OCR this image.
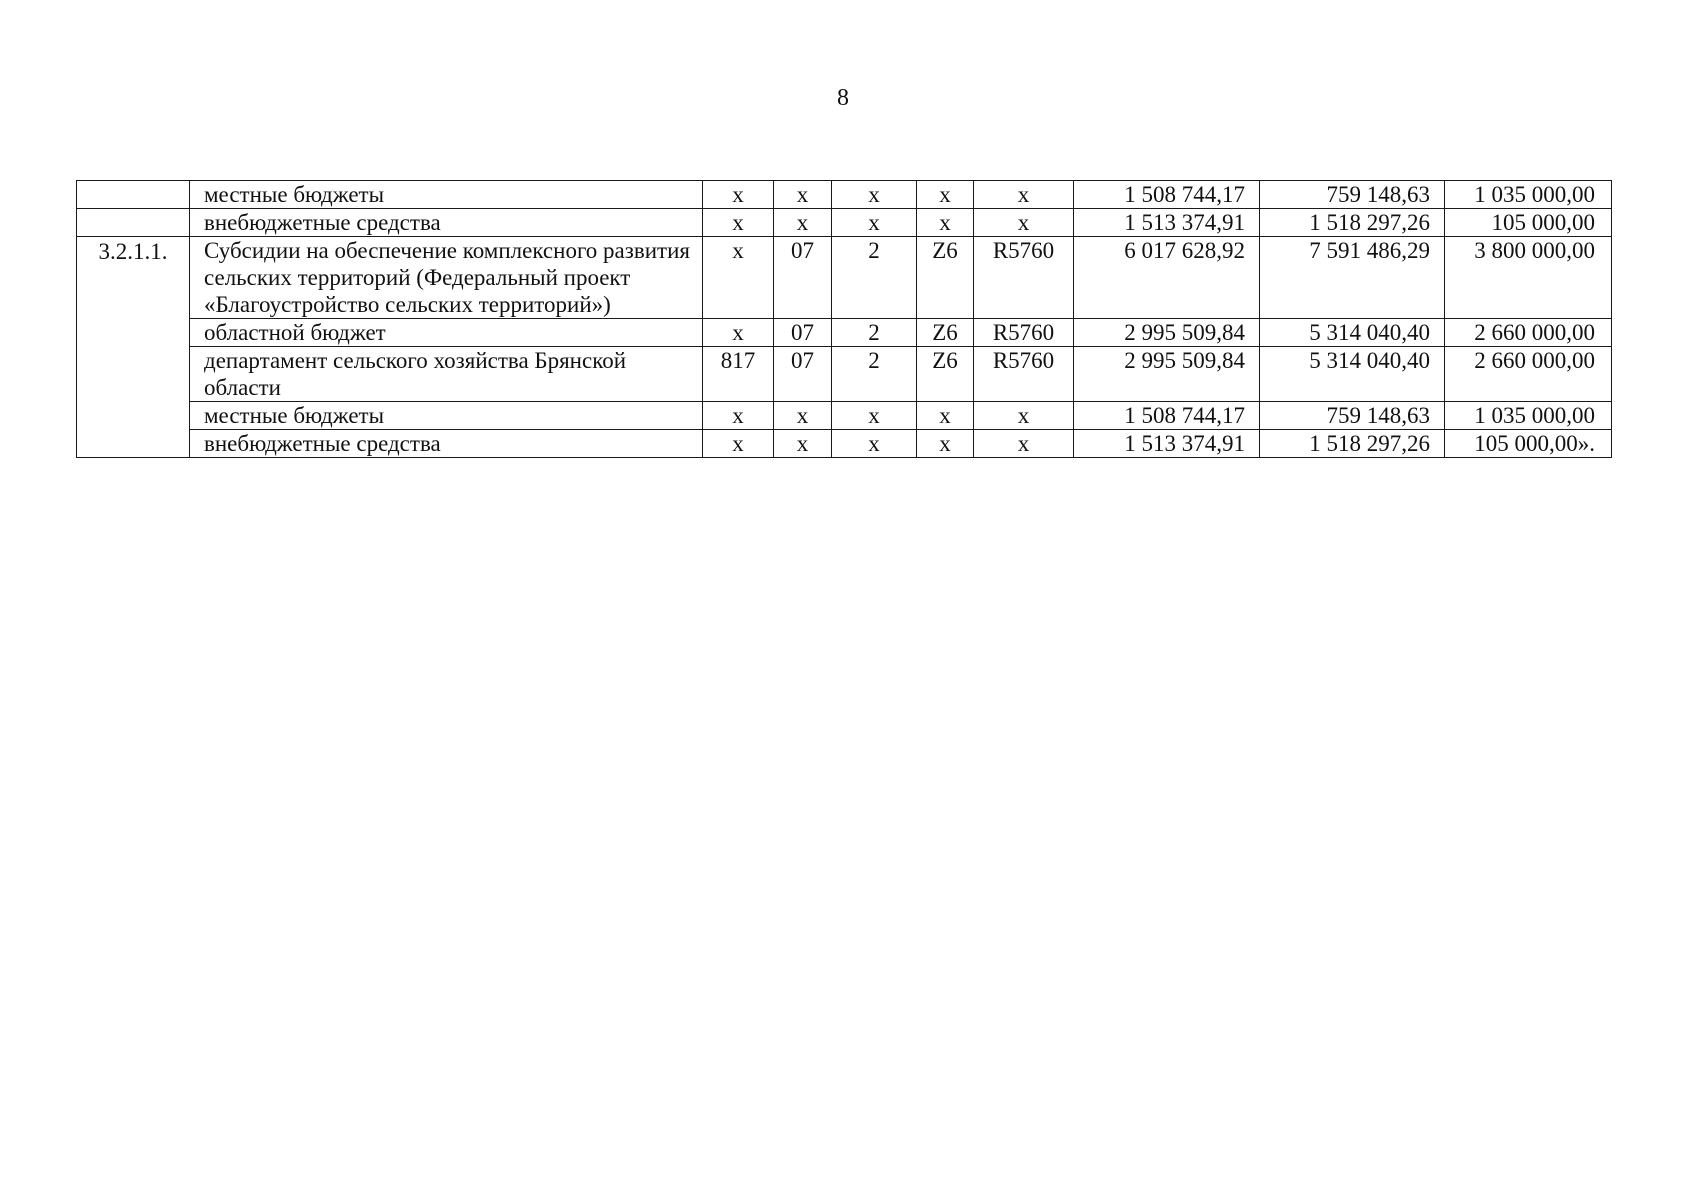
8
	местные бюджеты	х	х	х	х	х	1 508 744,17	759 148,63	1 035 000,00
	внебюджетные средства	х	х	х	х	х	1 513 374,91	1 518 297,26	105 000,00
3.2.1.1.	Субсидии на обеспечение комплексного развития сельских территорий (Федеральный проект «Благоустройство сельских территорий»)	х	07	2	Z6	R5760	6 017 628,92	7 591 486,29	3 800 000,00
	областной бюджет	х	07	2	Z6	R5760	2 995 509,84	5 314 040,40	2 660 000,00
	департамент сельского хозяйства Брянской области	817	07	2	Z6	R5760	2 995 509,84	5 314 040,40	2 660 000,00
	местные бюджеты	х	х	х	х	х	1 508 744,17	759 148,63	1 035 000,00
	внебюджетные средства	х	х	х	х	х	1 513 374,91	1 518 297,26	105 000,00».
